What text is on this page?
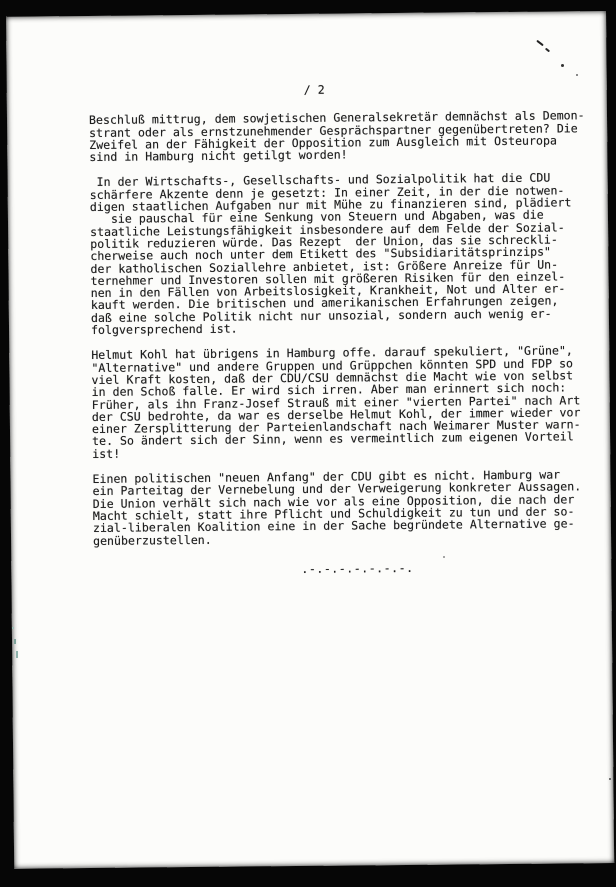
/ 2

Beschluß mittrug, dem sowjetischen Generalsekretär demnächst als Demon-
strant oder als ernstzunehmender Gesprächspartner gegenübertreten? Die
Zweifel an der Fähigkeit der Opposition zum Ausgleich mit Osteuropa
sind in Hamburg nicht getilgt worden!

In der Wirtschafts-, Gesellschafts- und Sozialpolitik hat die CDU
schärfere Akzente denn je gesetzt: In einer Zeit, in der die notwen-
digen staatlichen Aufgaben nur mit Mühe zu finanzieren sind, plädiert
sie pauschal für eine Senkung von Steuern und Abgaben, was die
staatliche Leistungsfähigkeit insbesondere auf dem Felde der Sozial-
politik reduzieren würde. Das Rezept  der Union, das sie schreckli-
cherweise auch noch unter dem Etikett des "Subsidiaritätsprinzips"
der katholischen Soziallehre anbietet, ist: Größere Anreize für Un-
ternehmer und Investoren sollen mit größeren Risiken für den einzel-
nen in den Fällen von Arbeitslosigkeit, Krankheit, Not und Alter er-
kauft werden. Die britischen und amerikanischen Erfahrungen zeigen,
daß eine solche Politik nicht nur unsozial, sondern auch wenig er-
folgversprechend ist.

Helmut Kohl hat übrigens in Hamburg offe. darauf spekuliert, "Grüne",
"Alternative" und andere Gruppen und Grüppchen könnten SPD und FDP so
viel Kraft kosten, daß der CDU/CSU demnächst die Macht wie von selbst
in den Schoß falle. Er wird sich irren. Aber man erinnert sich noch:
Früher, als ihn Franz-Josef Strauß mit einer "vierten Partei" nach Art
der CSU bedrohte, da war es derselbe Helmut Kohl, der immer wieder vor
einer Zersplitterung der Parteienlandschaft nach Weimarer Muster warn-
te. So ändert sich der Sinn, wenn es vermeintlich zum eigenen Vorteil
ist!

Einen politischen "neuen Anfang" der CDU gibt es nicht. Hamburg war
ein Parteitag der Vernebelung und der Verweigerung konkreter Aussagen.
Die Union verhält sich nach wie vor als eine Opposition, die nach der
Macht schielt, statt ihre Pflicht und Schuldigkeit zu tun und der so-
zial-liberalen Koalition eine in der Sache begründete Alternative ge-
genüberzustellen.

.-.-.-.-.-.-.-.
